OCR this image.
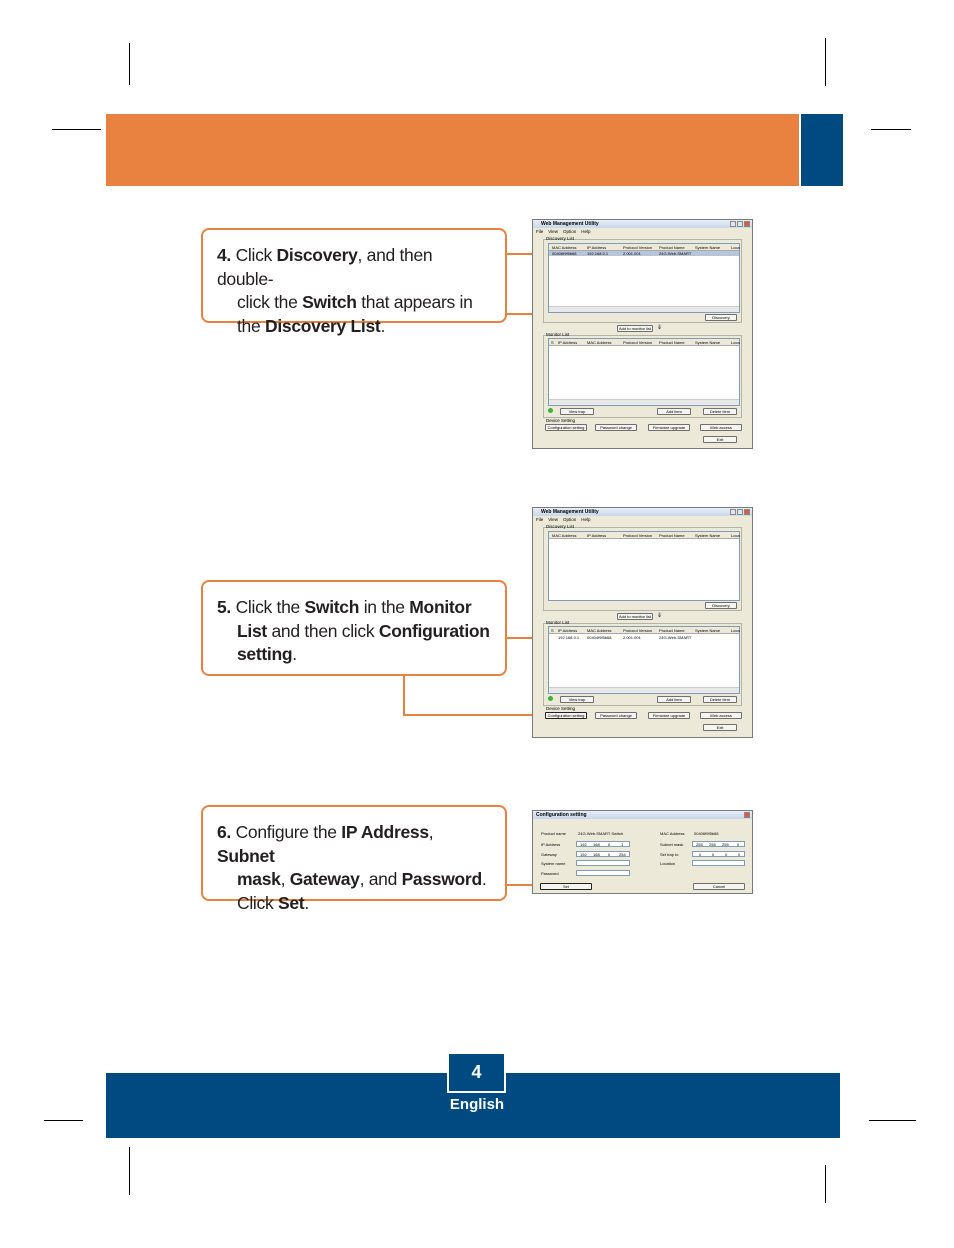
4. Click Discovery, and then double-
click the Switch that appears in
the Discovery List.
5. Click the Switch in the Monitor
List and then click Configuration
setting.
6. Configure the IP Address, Subnet
mask, Gateway, and Password.
Click Set.
Web Management Utility
File View Option Help
Discovery List
MAC Address	IP Address	Protocol Version Product Name	System Name	Loca
00406f9f5b68	192.168.0.1	2.001.001	24G-Web-SMART
Discovery
Add to monitor list	⇓
Monitor List
S IP Address MAC Address	Protocol Version Product Name	System Name	Loca
View trap	Add item	Delete item
Device Setting
Configuration setting	Password change	Firmware upgrade	Web access
Exit
Web Management Utility
File View Option Help
Discovery List
MAC Address	IP Address	Protocol Version Product Name	System Name	Loca
Discovery
Add to monitor list	⇓
Monitor List
S IP Address MAC Address	Protocol Version Product Name	System Name	Loca
192.168.0.1 00404f9f5b68	2.001.001	24G-Web-SMART
View trap	Add item	Delete item
Device Setting
Configuration setting	Password change	Firmware upgrade	Web access
Exit
Configuration setting
Product name	24G-Web-SMART Switch	MAC Address 00406f9f5b68
IP Address	192 168 0	1	Subnet mask	255 255 255 0
Gateway	192 168 0 254	Set trap to	0	0	0	0
System name	Location
Password
Set	Cancel
4
English
